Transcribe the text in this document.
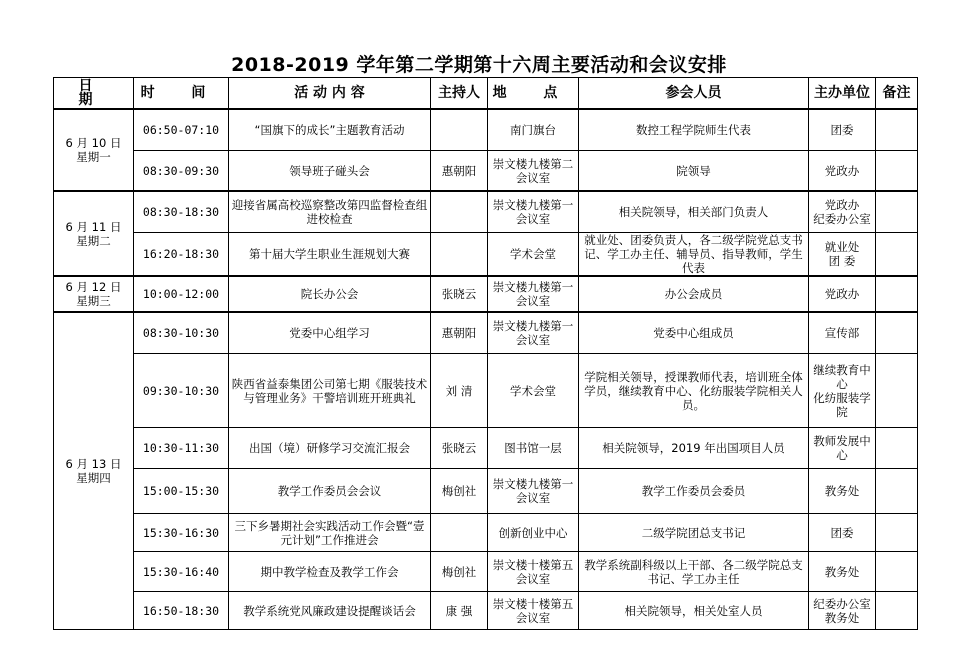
2018-2019 学年第二学期第十六周主要活动和会议安排
日 期	时 间	活 动 内 容	主持人	地 点	参会人员	主办单位	备注

6 月 10 日
星期一	06:50-07:10	“国旗下的成长”主题教育活动		南门旗台	数控工程学院师生代表	团委	
	08:30-09:30	领导班子碰头会	惠朝阳	崇文楼九楼第二会议室	院领导	党政办	

6 月 11 日
星期二	08:30-18:30	迎接省属高校巡察整改第四监督检查组进校检查		崇文楼九楼第一会议室	相关院领导，相关部门负责人	党政办
纪委办公室	
	16:20-18:30	第十届大学生职业生涯规划大赛		学术会堂	就业处、团委负责人，各二级学院党总支书记、学工办主任、辅导员、指导教师，学生代表	就业处
团 委	

6 月 12 日
星期三	10:00-12:00	院长办公会	张晓云	崇文楼九楼第一会议室	办公会成员	党政办	

6 月 13 日
星期四	08:30-10:30	党委中心组学习	惠朝阳	崇文楼九楼第一会议室	党委中心组成员	宣传部	
	09:30-10:30	陕西省益泰集团公司第七期《服装技术与管理业务》干警培训班开班典礼	刘 清	学术会堂	学院相关领导，授课教师代表，培训班全体学员，继续教育中心、化纺服装学院相关人员。	继续教育中心
化纺服装学院	
	10:30-11:30	出国（境）研修学习交流汇报会	张晓云	图书馆一层	相关院领导，2019 年出国项目人员	教师发展中心	
	15:00-15:30	教学工作委员会会议	梅创社	崇文楼九楼第一会议室	教学工作委员会委员	教务处	
	15:30-16:30	三下乡暑期社会实践活动工作会暨“壹元计划”工作推进会		创新创业中心	二级学院团总支书记	团委	
	15:30-16:40	期中教学检查及教学工作会	梅创社	崇文楼十楼第五会议室	教学系统副科级以上干部、各二级学院总支书记、学工办主任	教务处	
	16:50-18:30	教学系统党风廉政建设提醒谈话会	康 强	崇文楼十楼第五会议室	相关院领导，相关处室人员	纪委办公室
教务处	
